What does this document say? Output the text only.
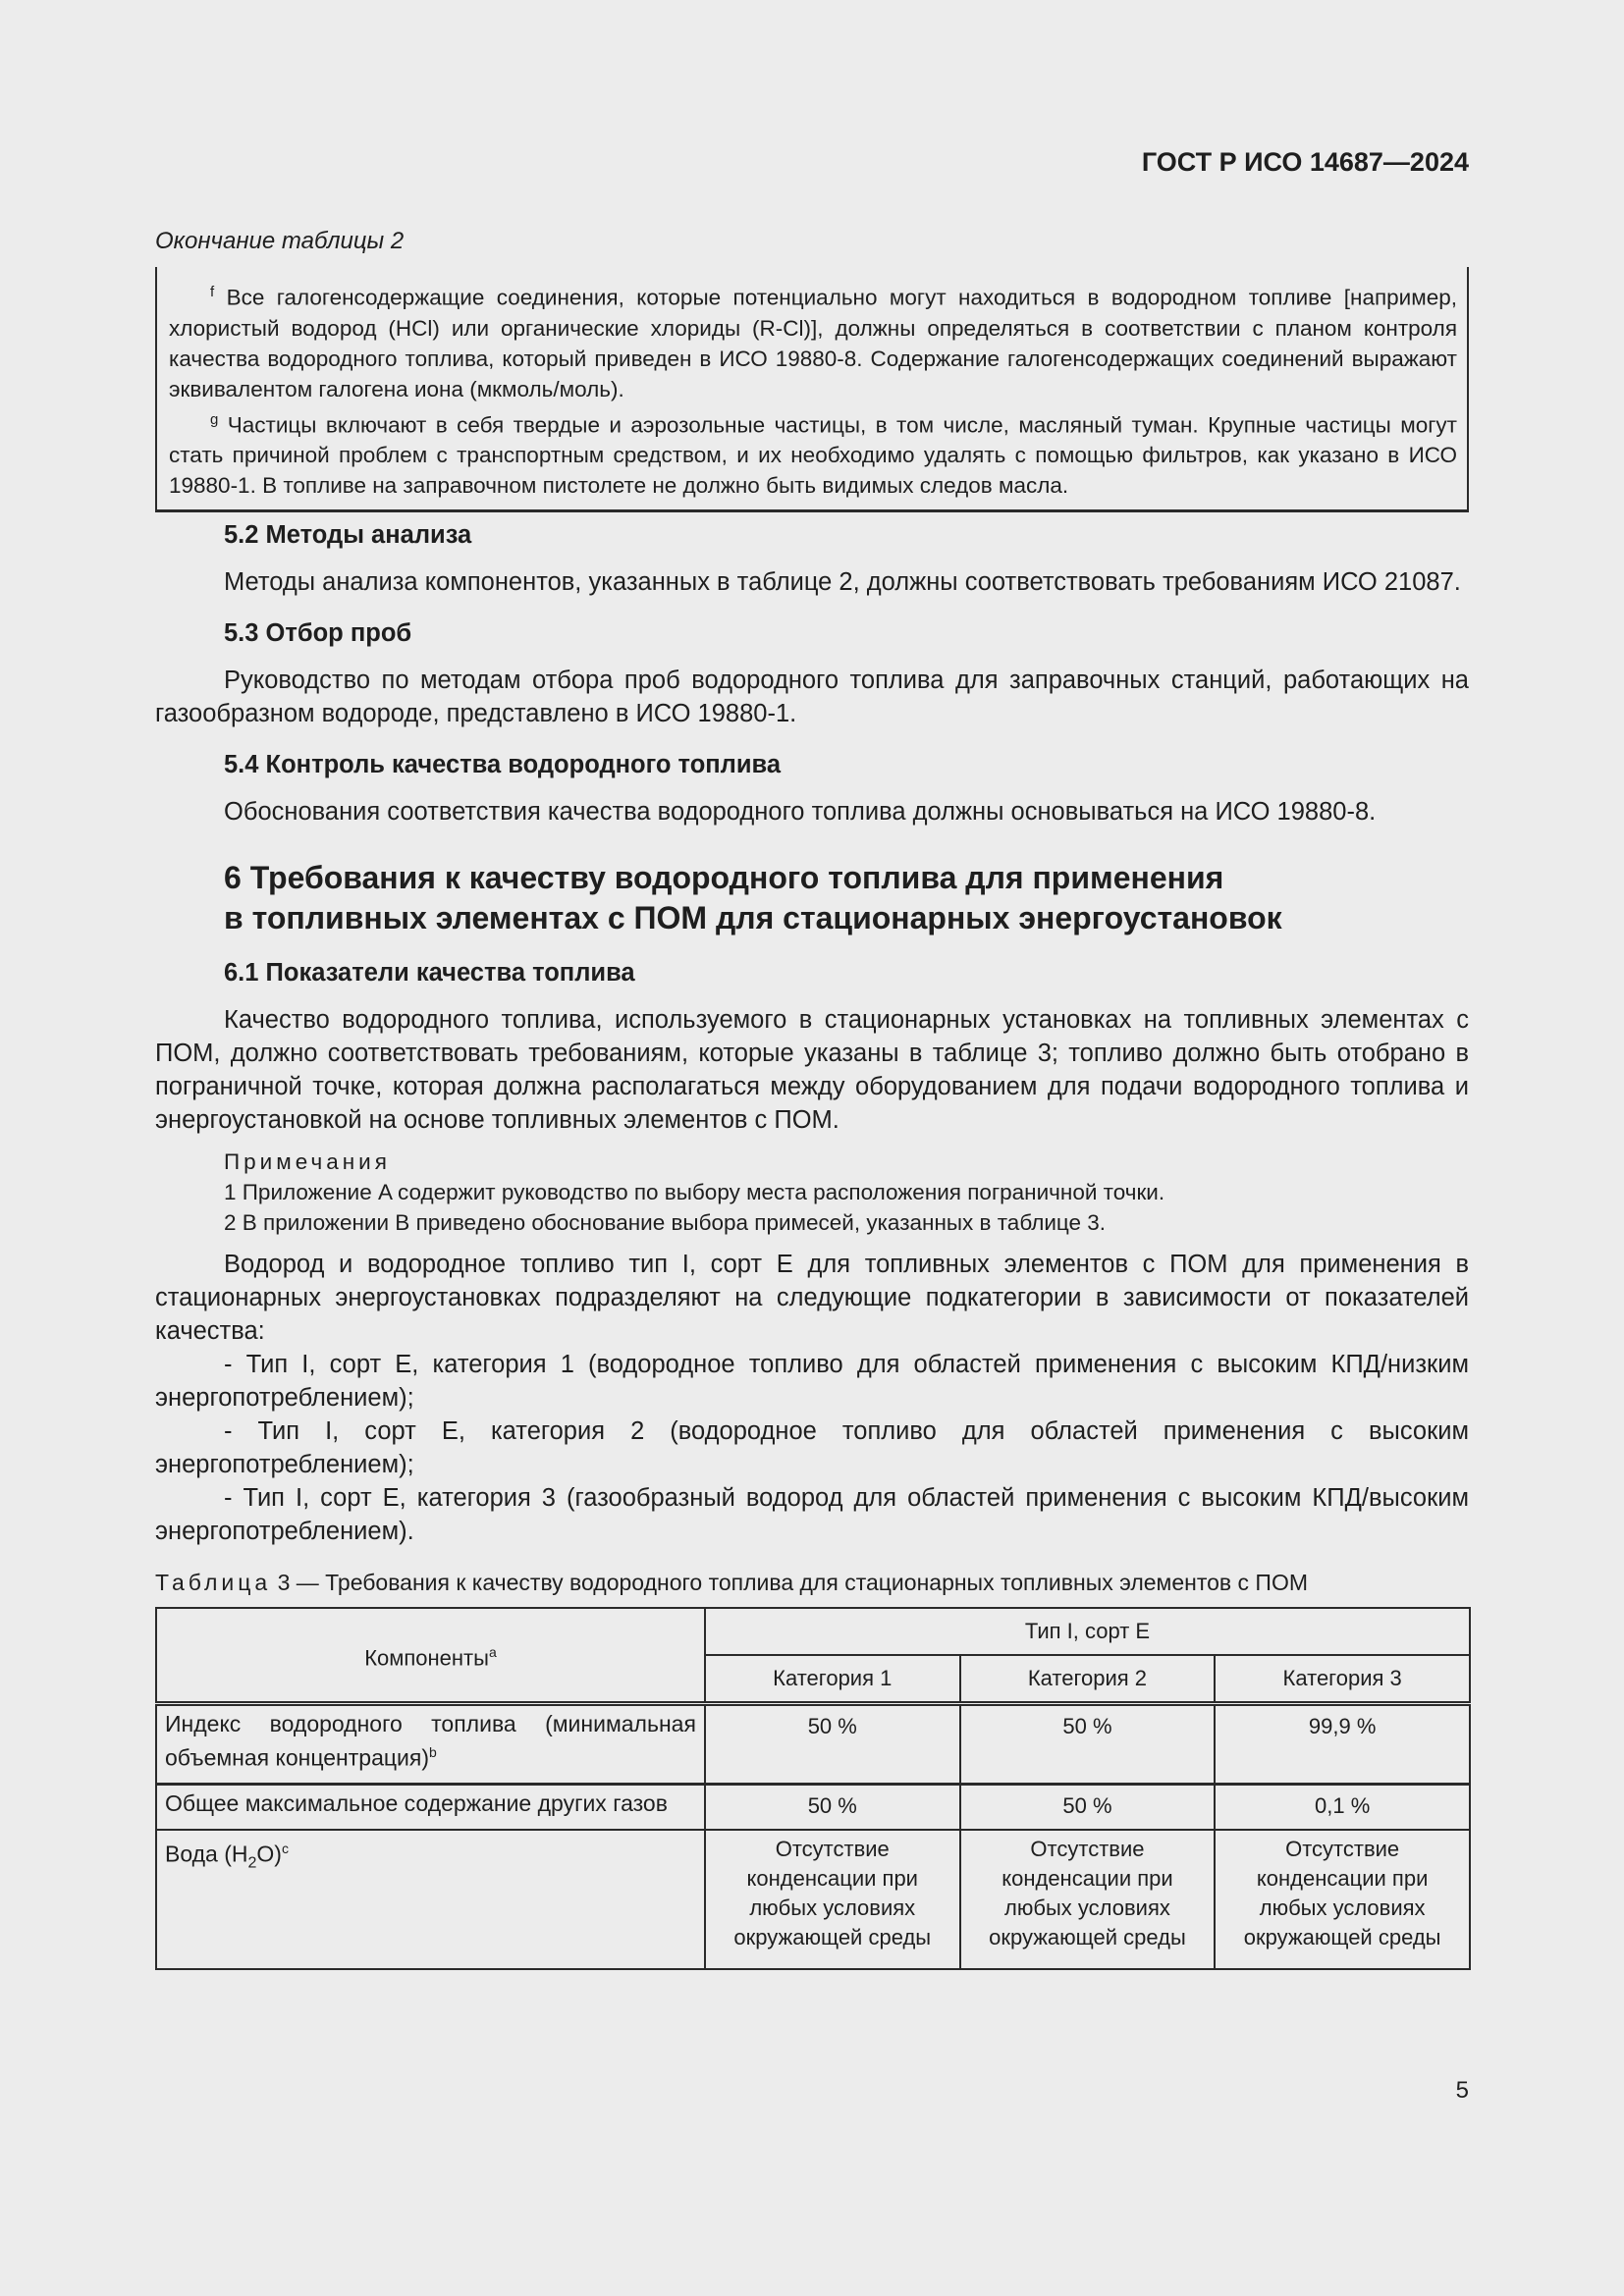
ГОСТ Р ИСО 14687—2024
Окончание таблицы 2

$^f$ Все галогенсодержащие соединения, которые потенциально могут находиться в водородном топливе [например, хлористый водород (HCl) или органические хлориды (R-Cl)], должны определяться в соответствии с планом контроля качества водородного топлива, который приведен в ИСО 19880-8. Содержание галогенсодержащих соединений выражают эквивалентом галогена иона (мкмоль/моль).

$^g$ Частицы включают в себя твердые и аэрозольные частицы, в том числе, масляный туман. Крупные частицы могут стать причиной проблем с транспортным средством, и их необходимо удалять с помощью фильтров, как указано в ИСО 19880-1. В топливе на заправочном пистолете не должно быть видимых следов масла.

5.2 Методы анализа

Методы анализа компонентов, указанных в таблице 2, должны соответствовать требованиям ИСО 21087.

5.3 Отбор проб

Руководство по методам отбора проб водородного топлива для заправочных станций, работающих на газообразном водороде, представлено в ИСО 19880-1.

5.4 Контроль качества водородного топлива

Обоснования соответствия качества водородного топлива должны основываться на ИСО 19880-8.

6 Требования к качеству водородного топлива для применения
в топливных элементах с ПОМ для стационарных энергоустановок
6.1 Показатели качества топлива

Качество водородного топлива, используемого в стационарных установках на топливных элементах с ПОМ, должно соответствовать требованиям, которые указаны в таблице 3; топливо должно быть отобрано в пограничной точке, которая должна располагаться между оборудованием для подачи водородного топлива и энергоустановкой на основе топливных элементов с ПОМ.

Примечания
1 Приложение A содержит руководство по выбору места расположения пограничной точки.
2 В приложении B приведено обоснование выбора примесей, указанных в таблице 3.

Водород и водородное топливо тип I, сорт E для топливных элементов с ПОМ для применения в стационарных энергоустановках подразделяют на следующие подкатегории в зависимости от показателей качества:

- Тип I, сорт E, категория 1 (водородное топливо для областей применения с высоким КПД/низким энергопотреблением);

- Тип I, сорт E, категория 2 (водородное топливо для областей применения с высоким энергопотреблением);

- Тип I, сорт E, категория 3 (газообразный водород для областей применения с высоким КПД/высоким энергопотреблением).

Таблица 3 — Требования к качеству водородного топлива для стационарных топливных элементов с ПОМ
Компоненты$^a$	Тип I, сорт E		
	Категория 1	Категория 2	Категория 3
Индекс водородного топлива (минимальная объемная концентрация)$^b$	50 %	50 %	99,9 %
Общее максимальное содержание других газов	50 %	50 %	0,1 %
Вода $(H_2O)^c$	Отсутствие конденсации при любых условиях окружающей среды	Отсутствие конденсации при любых условиях окружающей среды	Отсутствие конденсации при любых условиях окружающей среды
5
